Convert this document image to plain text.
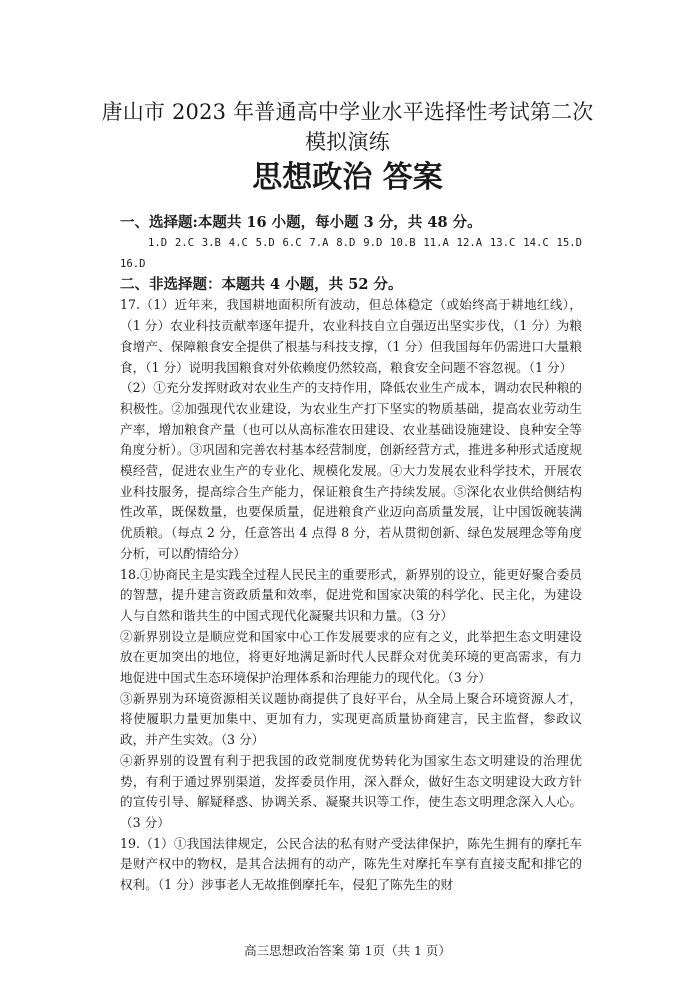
唐山市 2023 年普通高中学业水平选择性考试第二次
模拟演练
思想政治 答案
一、选择题:本题共 16 小题，每小题 3 分，共 48 分。
1.D 2.C 3.B 4.C 5.D 6.C 7.A 8.D 9.D 10.B 11.A 12.A 13.C 14.C 15.D 16.D
二、非选择题：本题共 4 小题，共 52 分。

17.（1）近年来，我国耕地面积所有波动，但总体稳定（或始终高于耕地红线），（1 分）农业科技贡献率逐年提升，农业科技自立自强迈出坚实步伐，（1 分）为粮食增产、保障粮食安全提供了根基与科技支撑，（1 分）但我国每年仍需进口大量粮食，（1 分）说明我国粮食对外依赖度仍然较高，粮食安全问题不容忽视。（1 分）

（2）①充分发挥财政对农业生产的支持作用，降低农业生产成本，调动农民种粮的积极性。②加强现代农业建设，为农业生产打下坚实的物质基础，提高农业劳动生产率，增加粮食产量（也可以从高标准农田建设、农业基础设施建设、良种安全等角度分析）。③巩固和完善农村基本经营制度，创新经营方式，推进多种形式适度规模经营，促进农业生产的专业化、规模化发展。④大力发展农业科学技术，开展农业科技服务，提高综合生产能力，保证粮食生产持续发展。⑤深化农业供给侧结构性改革，既保数量，也要保质量，促进粮食产业迈向高质量发展，让中国饭碗装满优质粮。（每点 2 分，任意答出 4 点得 8 分，若从贯彻创新、绿色发展理念等角度分析，可以酌情给分）

18.①协商民主是实践全过程人民民主的重要形式，新界别的设立，能更好聚合委员的智慧，提升建言资政质量和效率，促进党和国家决策的科学化、民主化，为建设人与自然和谐共生的中国式现代化凝聚共识和力量。（3 分）

②新界别设立是顺应党和国家中心工作发展要求的应有之义，此举把生态文明建设放在更加突出的地位，将更好地满足新时代人民群众对优美环境的更高需求，有力地促进中国式生态环境保护治理体系和治理能力的现代化。（3 分）

③新界别为环境资源相关议题协商提供了良好平台，从全局上聚合环境资源人才，将使履职力量更加集中、更加有力，实现更高质量协商建言，民主监督，参政议政，并产生实效。（3 分）

④新界别的设置有利于把我国的政党制度优势转化为国家生态文明建设的治理优势，有利于通过界别渠道，发挥委员作用，深入群众，做好生态文明建设大政方针的宣传引导、解疑释惑、协调关系、凝聚共识等工作，使生态文明理念深入人心。（3 分）

19.（1）①我国法律规定，公民合法的私有财产受法律保护，陈先生拥有的摩托车是财产权中的物权，是其合法拥有的动产，陈先生对摩托车享有直接支配和排它的权利。（1 分）涉事老人无故推倒摩托车，侵犯了陈先生的财

高三思想政治答案 第 1页（共 1 页）
